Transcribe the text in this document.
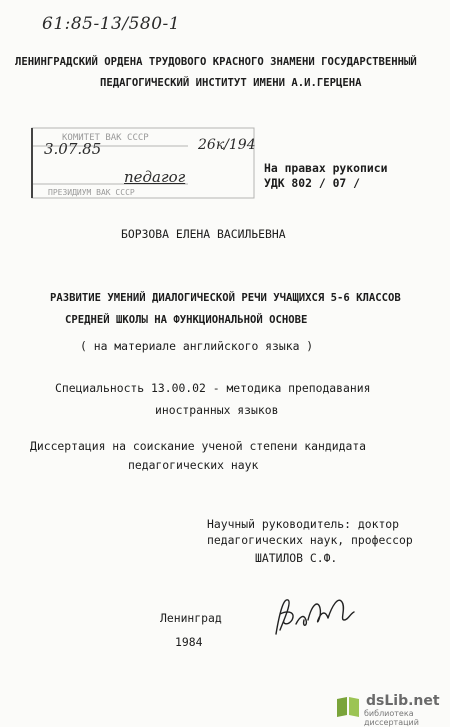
61:85-13/580-1
ЛЕНИНГРАДСКИЙ ОРДЕНА ТРУДОВОГО КРАСНОГО ЗНАМЕНИ ГОСУДАРСТВЕННЫЙ
ПЕДАГОГИЧЕСКИЙ ИНСТИТУТ ИМЕНИ А.И.ГЕРЦЕНА
КОМИТЕТ ВАК СССР
3.07.85	26к/194
педагог
ПРЕЗИДИУМ ВАК СССР
На правах рукописи
УДК 802 / 07 /
БОРЗОВА ЕЛЕНА ВАСИЛЬЕВНА
РАЗВИТИЕ УМЕНИЙ ДИАЛОГИЧЕСКОЙ РЕЧИ УЧАЩИХСЯ 5-6 КЛАССОВ
СРЕДНЕЙ ШКОЛЫ НА ФУНКЦИОНАЛЬНОЙ ОСНОВЕ
( на материале английского языка )
Специальность 13.00.02 - методика преподавания
иностранных языков
Диссертация на соискание ученой степени кандидата
педагогических наук
Научный руководитель: доктор
педагогических наук, профессор
ШАТИЛОВ С.Ф.
Ленинград
1984
dsLib.net
библиотека диссертаций
